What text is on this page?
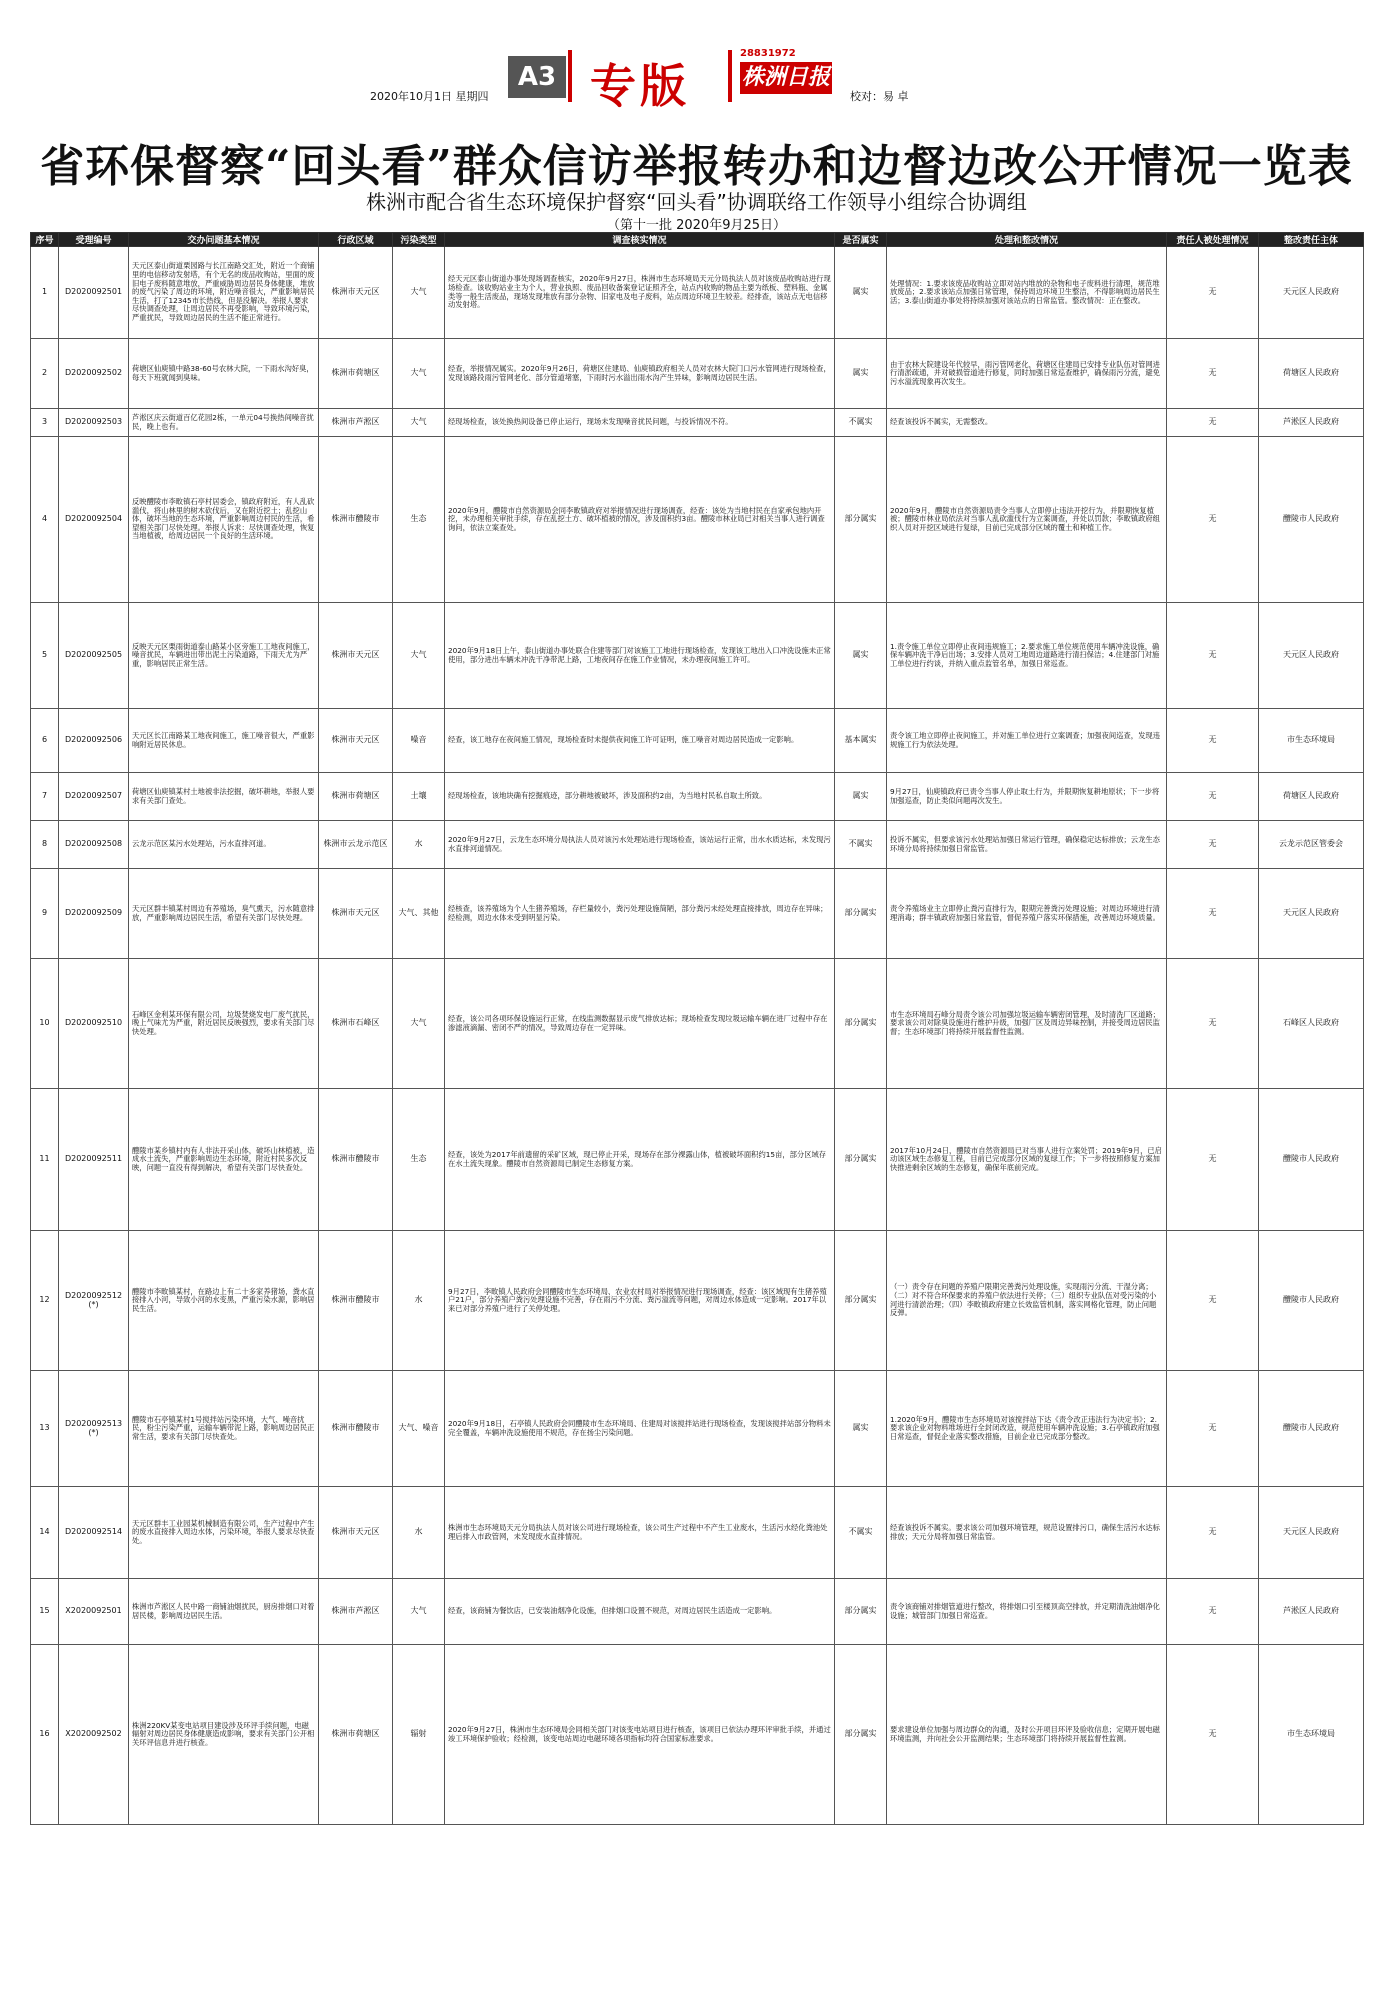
2020年10月1日 星期四
A3 专版
28831972
株洲日报
校对：易 卓
省环保督察“回头看”群众信访举报转办和边督边改公开情况一览表
株洲市配合省生态环境保护督察“回头看”协调联络工作领导小组综合协调组
（第十一批 2020年9月25日）
序号	受理编号	交办问题基本情况	行政区域	污染类型	调查核实情况	是否属实	处理和整改情况	责任人被处理情况	整改责任主体
1	D2020092501	天元区泰山街道栗园路与长江南路交汇处，附近一个商铺里的电信移动发射塔，有个无名的废品收购站，里面的废旧电子废料随意堆放，严重威胁周边居民身体健康，堆放的废气污染了周边的环境，附近噪音很大，严重影响居民生活，打了12345市长热线，但是没解决。举报人要求尽快调查处理，让周边居民不再受影响，导致环境污染，严重扰民，导致周边居民的生活不能正常进行。	株洲市天元区	大气	经天元区泰山街道办事处现场调查核实，2020年9月27日，株洲市生态环境局天元分局执法人员对该废品收购站进行现场检查。该收购站业主为个人，营业执照、废品回收备案登记证照齐全，站点内收购的物品主要为纸板、塑料瓶、金属类等一般生活废品，现场发现堆放有部分杂物、旧家电及电子废料，站点周边环境卫生较差。经排查，该站点无电信移动发射塔。	属实	处理情况：1.要求该废品收购站立即对站内堆放的杂物和电子废料进行清理，规范堆放废品；2.要求该站点加强日常管理，保持周边环境卫生整洁，不得影响周边居民生活；3.泰山街道办事处将持续加强对该站点的日常监管。整改情况：正在整改。	无	天元区人民政府
2	D2020092502	荷塘区仙庾镇中路38-60号农林大院，一下雨水沟好臭，每天下班就闻到臭味。	株洲市荷塘区	大气	经查，举报情况属实。2020年9月26日，荷塘区住建局、仙庾镇政府相关人员对农林大院门口污水管网进行现场检查，发现该路段雨污管网老化、部分管道堵塞，下雨时污水溢出雨水沟产生异味，影响周边居民生活。	属实	由于农林大院建设年代较早，雨污管网老化，荷塘区住建局已安排专业队伍对管网进行清淤疏通，并对破损管道进行修复，同时加强日常巡查维护，确保雨污分流，避免污水溢流现象再次发生。	无	荷塘区人民政府
3	D2020092503	芦淞区庆云街道百亿花园2栋，一单元04号换热间噪音扰民，晚上也有。	株洲市芦淞区	大气	经现场检查，该处换热间设备已停止运行，现场未发现噪音扰民问题，与投诉情况不符。	不属实	经查该投诉不属实，无需整改。	无	芦淞区人民政府
4	D2020092504	反映醴陵市李畋镇石亭村居委会，镇政府附近，有人乱砍滥伐，将山林里的树木砍伐后，又在附近挖土；乱挖山体，破坏当地的生态环境，严重影响周边村民的生活，希望相关部门尽快处理。举报人诉求：尽快调查处理，恢复当地植被，给周边居民一个良好的生活环境。	株洲市醴陵市	生态	2020年9月，醴陵市自然资源局会同李畋镇政府对举报情况进行现场调查，经查：该处为当地村民在自家承包地内开挖，未办理相关审批手续，存在乱挖土方、破坏植被的情况，涉及面积约3亩。醴陵市林业局已对相关当事人进行调查询问，依法立案查处。	部分属实	2020年9月，醴陵市自然资源局责令当事人立即停止违法开挖行为，并限期恢复植被；醴陵市林业局依法对当事人乱砍滥伐行为立案调查，并处以罚款；李畋镇政府组织人员对开挖区域进行复绿，目前已完成部分区域的覆土和种植工作。	无	醴陵市人民政府
5	D2020092505	反映天元区栗雨街道泰山路某小区旁施工工地夜间施工，噪音扰民，车辆进出带出泥土污染道路，下雨天尤为严重，影响居民正常生活。	株洲市天元区	大气	2020年9月18日上午，泰山街道办事处联合住建等部门对该施工工地进行现场检查，发现该工地出入口冲洗设施未正常使用，部分进出车辆未冲洗干净带泥上路，工地夜间存在施工作业情况，未办理夜间施工许可。	属实	1.责令施工单位立即停止夜间违规施工；2.要求施工单位规范使用车辆冲洗设施，确保车辆冲洗干净后出场；3.安排人员对工地周边道路进行清扫保洁；4.住建部门对施工单位进行约谈，并纳入重点监管名单，加强日常巡查。	无	天元区人民政府
6	D2020092506	天元区长江南路某工地夜间施工，施工噪音很大，严重影响附近居民休息。	株洲市天元区	噪音	经查，该工地存在夜间施工情况，现场检查时未提供夜间施工许可证明，施工噪音对周边居民造成一定影响。	基本属实	责令该工地立即停止夜间施工，并对施工单位进行立案调查；加强夜间巡查，发现违规施工行为依法处理。	无	市生态环境局
7	D2020092507	荷塘区仙庾镇某村土地被非法挖掘，破坏耕地，举报人要求有关部门查处。	株洲市荷塘区	土壤	经现场检查，该地块确有挖掘痕迹，部分耕地被破坏，涉及面积约2亩，为当地村民私自取土所致。	属实	9月27日，仙庾镇政府已责令当事人停止取土行为，并限期恢复耕地原状；下一步将加强巡查，防止类似问题再次发生。	无	荷塘区人民政府
8	D2020092508	云龙示范区某污水处理站，污水直排河道。	株洲市云龙示范区	水	2020年9月27日，云龙生态环境分局执法人员对该污水处理站进行现场检查，该站运行正常，出水水质达标，未发现污水直排河道情况。	不属实	投诉不属实，但要求该污水处理站加强日常运行管理，确保稳定达标排放；云龙生态环境分局将持续加强日常监管。	无	云龙示范区管委会
9	D2020092509	天元区群丰镇某村周边有养殖场，臭气熏天，污水随意排放，严重影响周边居民生活，希望有关部门尽快处理。	株洲市天元区	大气、其他	经核查，该养殖场为个人生猪养殖场，存栏量较小，粪污处理设施简陋，部分粪污未经处理直接排放，周边存在异味；经检测，周边水体未受到明显污染。	部分属实	责令养殖场业主立即停止粪污直排行为，限期完善粪污处理设施；对周边环境进行清理消毒；群丰镇政府加强日常监管，督促养殖户落实环保措施，改善周边环境质量。	无	天元区人民政府
10	D2020092510	石峰区金利某环保有限公司，垃圾焚烧发电厂废气扰民，晚上气味尤为严重，附近居民反映强烈，要求有关部门尽快处理。	株洲市石峰区	大气	经查，该公司各项环保设施运行正常，在线监测数据显示废气排放达标；现场检查发现垃圾运输车辆在进厂过程中存在渗滤液滴漏、密闭不严的情况，导致周边存在一定异味。	部分属实	市生态环境局石峰分局责令该公司加强垃圾运输车辆密闭管理，及时清洗厂区道路；要求该公司对除臭设施进行维护升级，加强厂区及周边异味控制，并接受周边居民监督；生态环境部门将持续开展监督性监测。	无	石峰区人民政府
11	D2020092511	醴陵市某乡镇村内有人非法开采山体，破坏山林植被，造成水土流失，严重影响周边生态环境，附近村民多次反映，问题一直没有得到解决，希望有关部门尽快查处。	株洲市醴陵市	生态	经查，该处为2017年前遗留的采矿区域，现已停止开采，现场存在部分裸露山体，植被破坏面积约15亩，部分区域存在水土流失现象。醴陵市自然资源局已制定生态修复方案。	部分属实	2017年10月24日，醴陵市自然资源局已对当事人进行立案处罚；2019年9月，已启动该区域生态修复工程，目前已完成部分区域的复绿工作；下一步将按照修复方案加快推进剩余区域的生态修复，确保年底前完成。	无	醴陵市人民政府
12	D2020092512 (*)	醴陵市李畋镇某村，在路边上有二十多家养猪场，粪水直接排入小河，导致小河的水变黑，严重污染水源，影响居民生活。	株洲市醴陵市	水	9月27日，李畋镇人民政府会同醴陵市生态环境局、农业农村局对举报情况进行现场调查，经查：该区域现有生猪养殖户21户，部分养殖户粪污处理设施不完善，存在雨污不分流、粪污溢流等问题，对周边水体造成一定影响。2017年以来已对部分养殖户进行了关停处理。	部分属实	（一）责令存在问题的养殖户限期完善粪污处理设施，实现雨污分流、干湿分离；（二）对不符合环保要求的养殖户依法进行关停；（三）组织专业队伍对受污染的小河进行清淤治理；（四）李畋镇政府建立长效监管机制，落实网格化管理，防止问题反弹。	无	醴陵市人民政府
13	D2020092513 (*)	醴陵市石亭镇某村1号搅拌站污染环境，大气、噪音扰民，粉尘污染严重，运输车辆带泥上路，影响周边居民正常生活，要求有关部门尽快查处。	株洲市醴陵市	大气、噪音	2020年9月18日，石亭镇人民政府会同醴陵市生态环境局、住建局对该搅拌站进行现场检查，发现该搅拌站部分物料未完全覆盖，车辆冲洗设施使用不规范，存在扬尘污染问题。	属实	1.2020年9月，醴陵市生态环境局对该搅拌站下达《责令改正违法行为决定书》；2.要求该企业对物料堆场进行全封闭改造，规范使用车辆冲洗设施；3.石亭镇政府加强日常巡查，督促企业落实整改措施，目前企业已完成部分整改。	无	醴陵市人民政府
14	D2020092514	天元区群丰工业园某机械制造有限公司，生产过程中产生的废水直接排入周边水体，污染环境，举报人要求尽快查处。	株洲市天元区	水	株洲市生态环境局天元分局执法人员对该公司进行现场检查，该公司生产过程中不产生工业废水，生活污水经化粪池处理后排入市政管网，未发现废水直排情况。	不属实	经查该投诉不属实。要求该公司加强环境管理，规范设置排污口，确保生活污水达标排放；天元分局将加强日常监管。	无	天元区人民政府
15	X2020092501	株洲市芦淞区人民中路一商铺油烟扰民，厨房排烟口对着居民楼，影响周边居民生活。	株洲市芦淞区	大气	经查，该商铺为餐饮店，已安装油烟净化设施，但排烟口设置不规范，对周边居民生活造成一定影响。	部分属实	责令该商铺对排烟管道进行整改，将排烟口引至楼顶高空排放，并定期清洗油烟净化设施；城管部门加强日常巡查。	无	芦淞区人民政府
16	X2020092502	株洲220KV某变电站项目建设涉及环评手续问题，电磁辐射对周边居民身体健康造成影响，要求有关部门公开相关环评信息并进行核查。	株洲市荷塘区	辐射	2020年9月27日，株洲市生态环境局会同相关部门对该变电站项目进行核查，该项目已依法办理环评审批手续，并通过竣工环境保护验收；经检测，该变电站周边电磁环境各项指标均符合国家标准要求。	部分属实	要求建设单位加强与周边群众的沟通，及时公开项目环评及验收信息；定期开展电磁环境监测，并向社会公开监测结果；生态环境部门将持续开展监督性监测。	无	市生态环境局
